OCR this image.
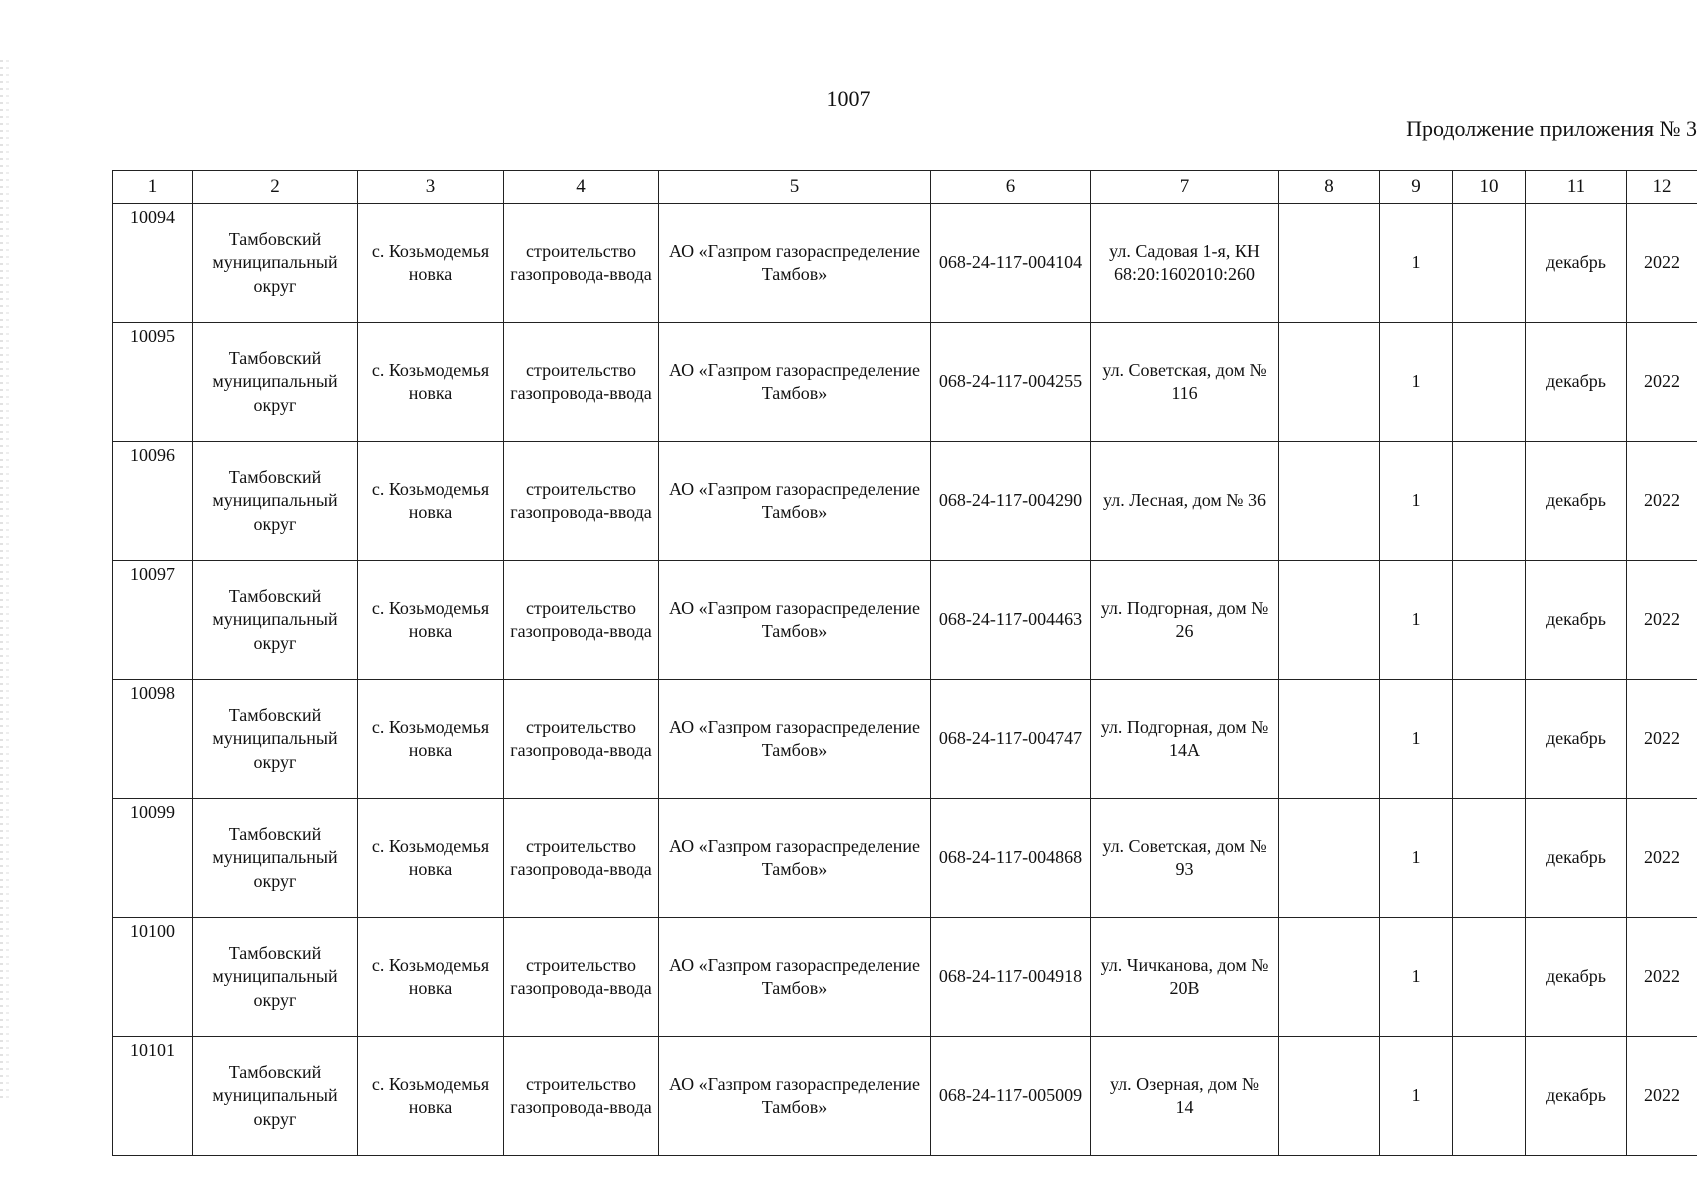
1007
Продолжение приложения № 3
1	2	3	4	5	6	7	8	9	10	11	12
10094	Тамбовский муниципальный округ	с. Козьмодемья новка	строительство газопровода-ввода	АО «Газпром газораспределение Тамбов»	068-24-117-004104	ул. Садовая 1-я, КН 68:20:1602010:260		1		декабрь	2022
10095	Тамбовский муниципальный округ	с. Козьмодемья новка	строительство газопровода-ввода	АО «Газпром газораспределение Тамбов»	068-24-117-004255	ул. Советская, дом № 116		1		декабрь	2022
10096	Тамбовский муниципальный округ	с. Козьмодемья новка	строительство газопровода-ввода	АО «Газпром газораспределение Тамбов»	068-24-117-004290	ул. Лесная, дом № 36		1		декабрь	2022
10097	Тамбовский муниципальный округ	с. Козьмодемья новка	строительство газопровода-ввода	АО «Газпром газораспределение Тамбов»	068-24-117-004463	ул. Подгорная, дом № 26		1		декабрь	2022
10098	Тамбовский муниципальный округ	с. Козьмодемья новка	строительство газопровода-ввода	АО «Газпром газораспределение Тамбов»	068-24-117-004747	ул. Подгорная, дом № 14А		1		декабрь	2022
10099	Тамбовский муниципальный округ	с. Козьмодемья новка	строительство газопровода-ввода	АО «Газпром газораспределение Тамбов»	068-24-117-004868	ул. Советская, дом № 93		1		декабрь	2022
10100	Тамбовский муниципальный округ	с. Козьмодемья новка	строительство газопровода-ввода	АО «Газпром газораспределение Тамбов»	068-24-117-004918	ул. Чичканова, дом № 20В		1		декабрь	2022
10101	Тамбовский муниципальный округ	с. Козьмодемья новка	строительство газопровода-ввода	АО «Газпром газораспределение Тамбов»	068-24-117-005009	ул. Озерная, дом № 14		1		декабрь	2022
